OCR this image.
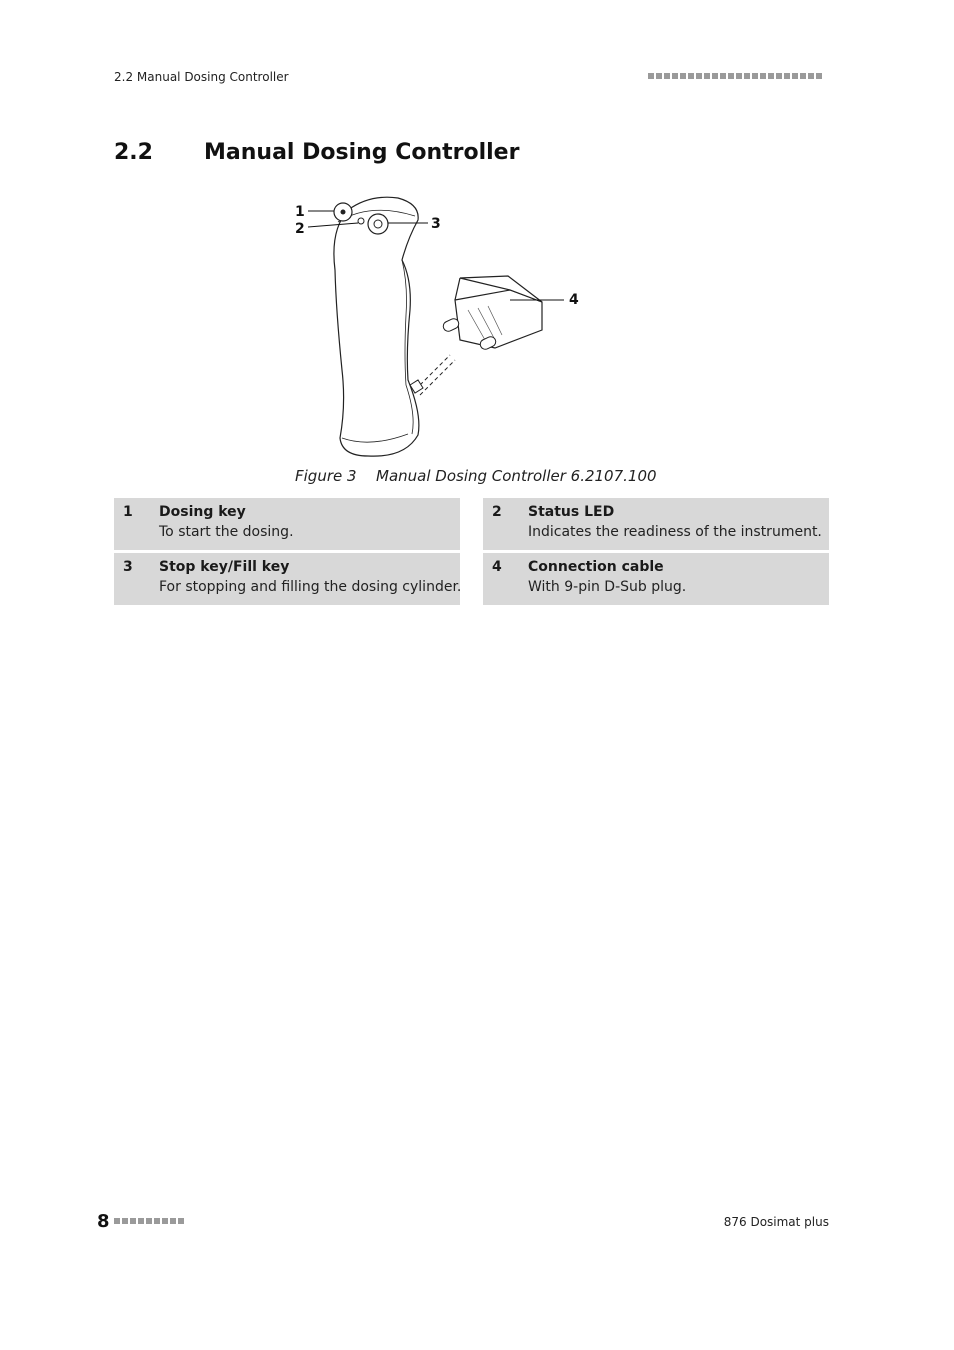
2.2 Manual Dosing Controller
2.2 Manual Dosing Controller
1
2	3
4
Figure 3 Manual Dosing Controller 6.2107.100
1 Dosing key
To start the dosing.
2 Status LED
Indicates the readiness of the instrument.
3 Stop key/Fill key
For stopping and filling the dosing cylinder.
4 Connection cable
With 9-pin D-Sub plug.
8	876 Dosimat plus
